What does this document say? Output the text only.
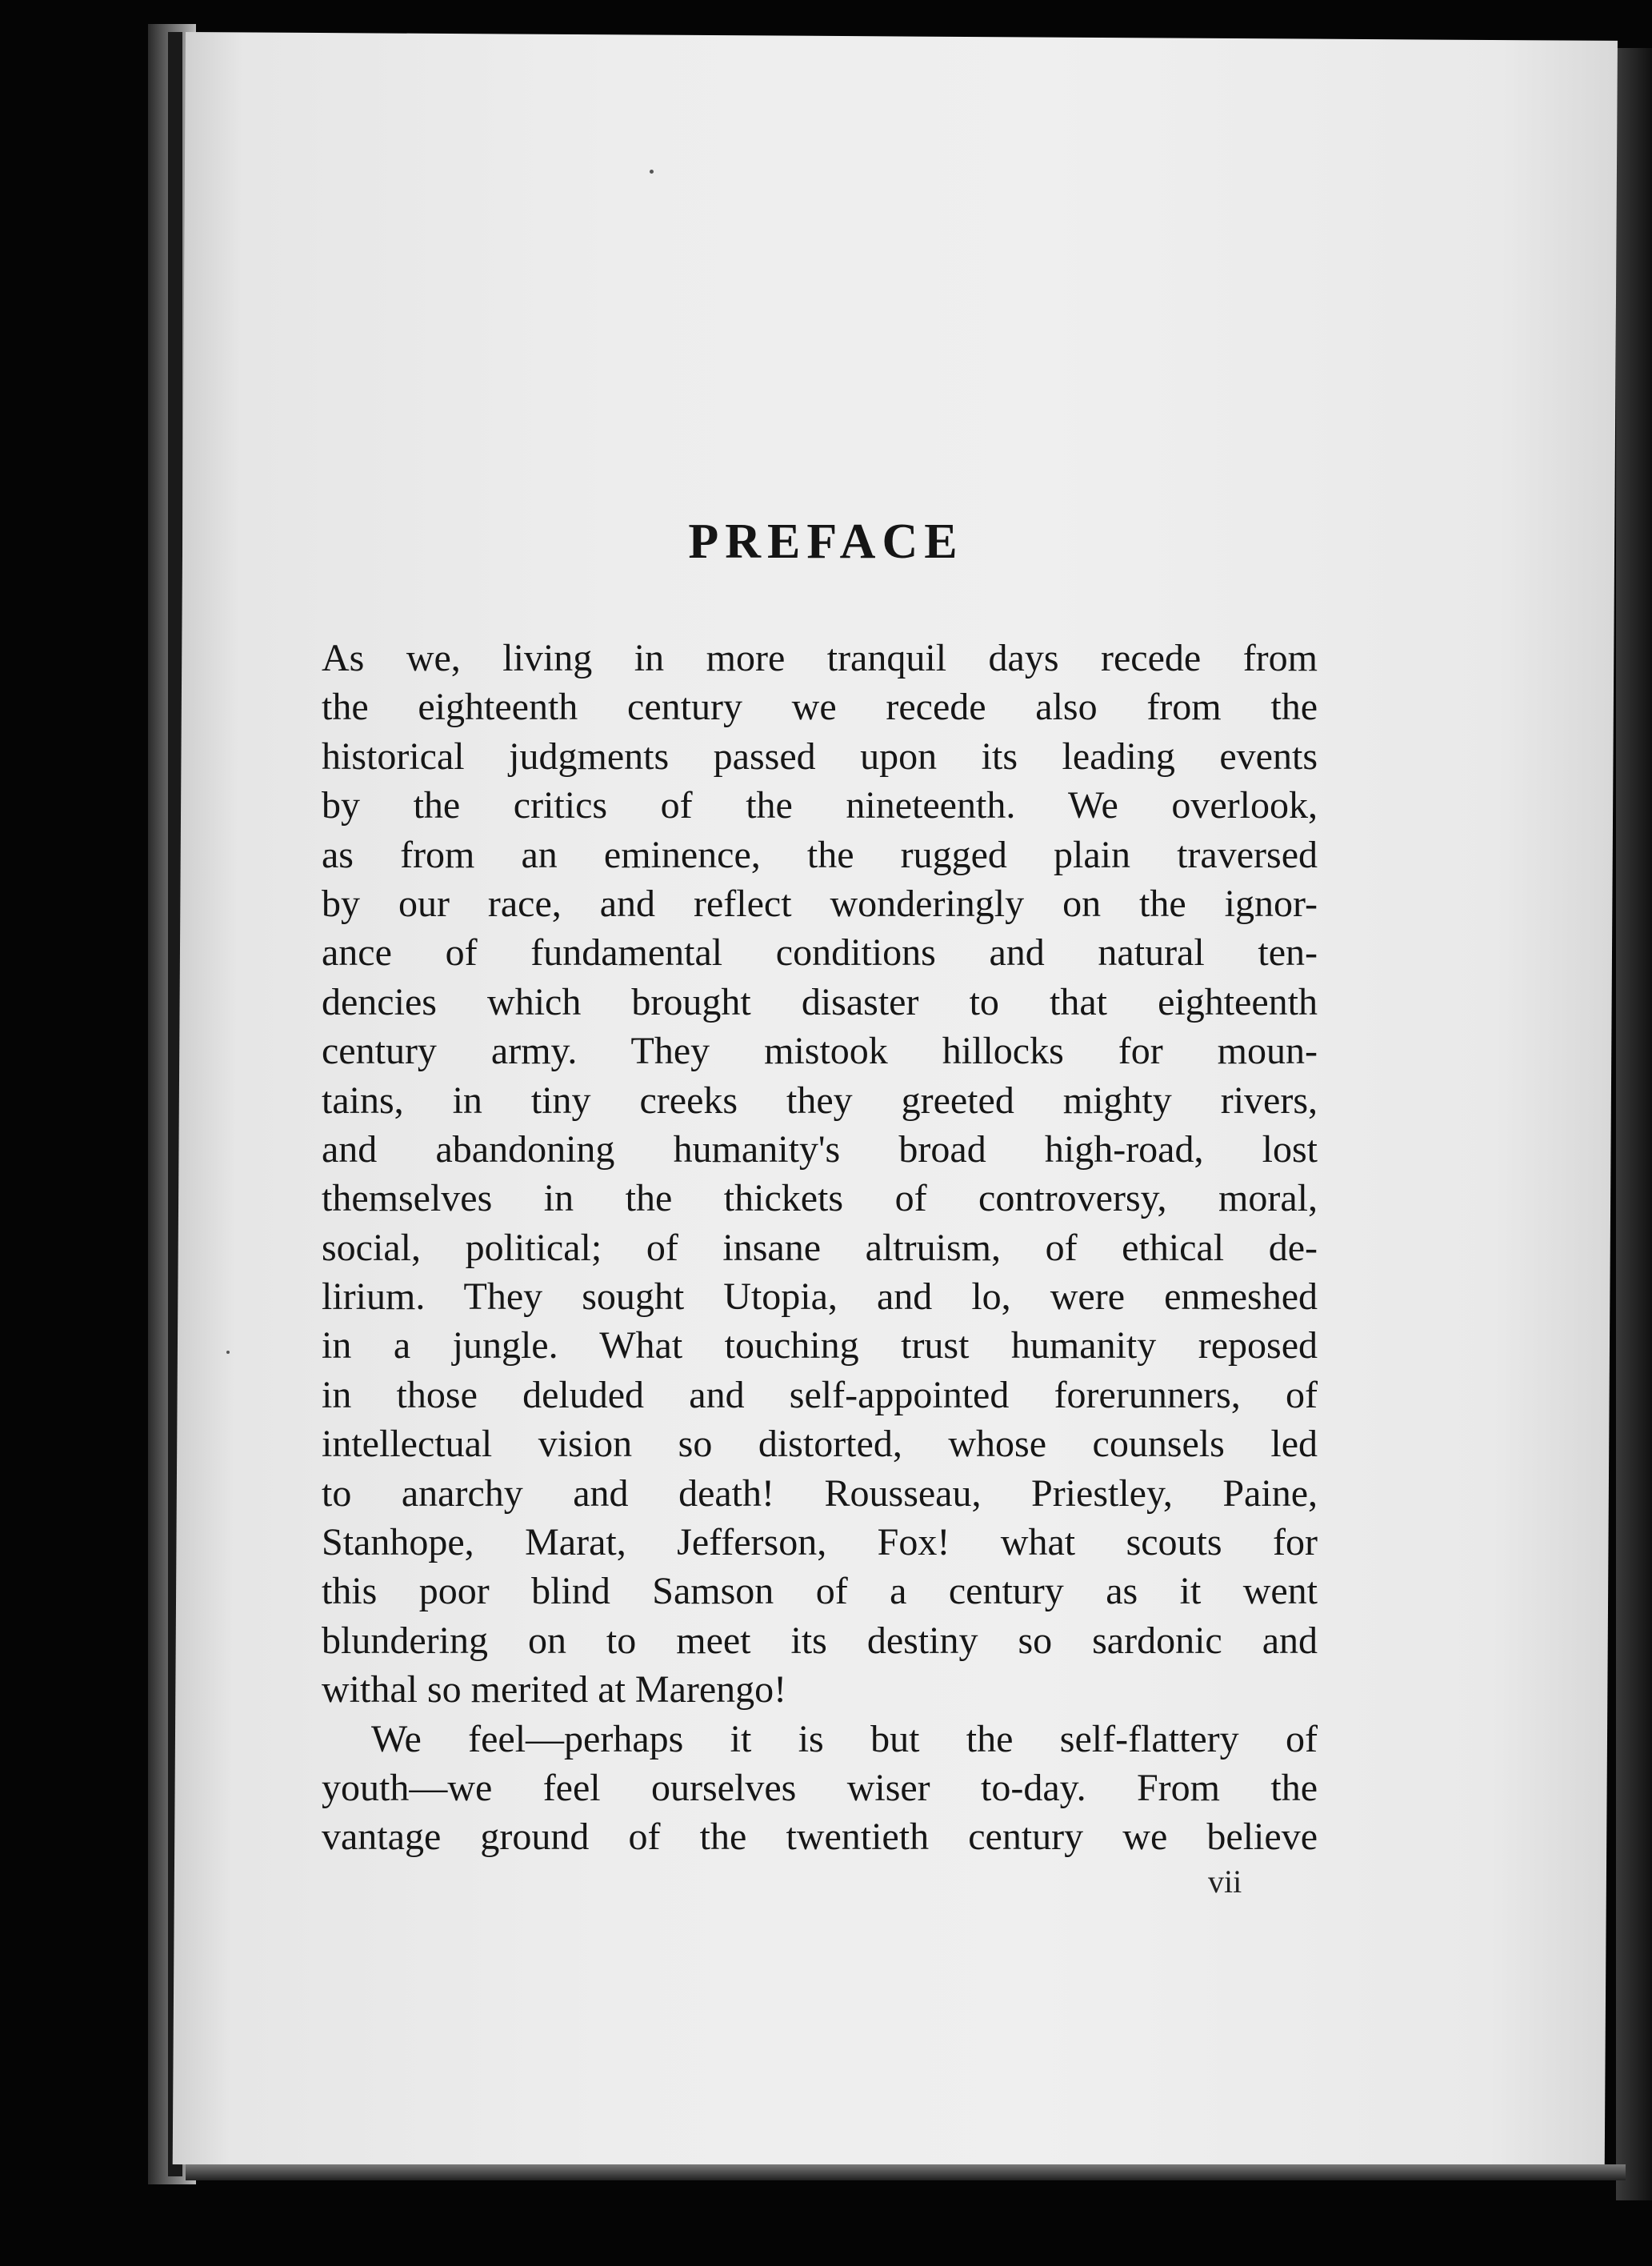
PREFACE
As we, living in more tranquil days recede from
the eighteenth century we recede also from the
historical judgments passed upon its leading events
by the critics of the nineteenth. We overlook,
as from an eminence, the rugged plain traversed
by our race, and reflect wonderingly on the ignor-
ance of fundamental conditions and natural ten-
dencies which brought disaster to that eighteenth
century army. They mistook hillocks for moun-
tains, in tiny creeks they greeted mighty rivers,
and abandoning humanity's broad high-road, lost
themselves in the thickets of controversy, moral,
social, political; of insane altruism, of ethical de-
lirium. They sought Utopia, and lo, were enmeshed
in a jungle. What touching trust humanity reposed
in those deluded and self-appointed forerunners, of
intellectual vision so distorted, whose counsels led
to anarchy and death! Rousseau, Priestley, Paine,
Stanhope, Marat, Jefferson, Fox! what scouts for
this poor blind Samson of a century as it went
blundering on to meet its destiny so sardonic and
withal so merited at Marengo!
We feel—perhaps it is but the self-flattery of
youth—we feel ourselves wiser to-day. From the
vantage ground of the twentieth century we believe
vii
